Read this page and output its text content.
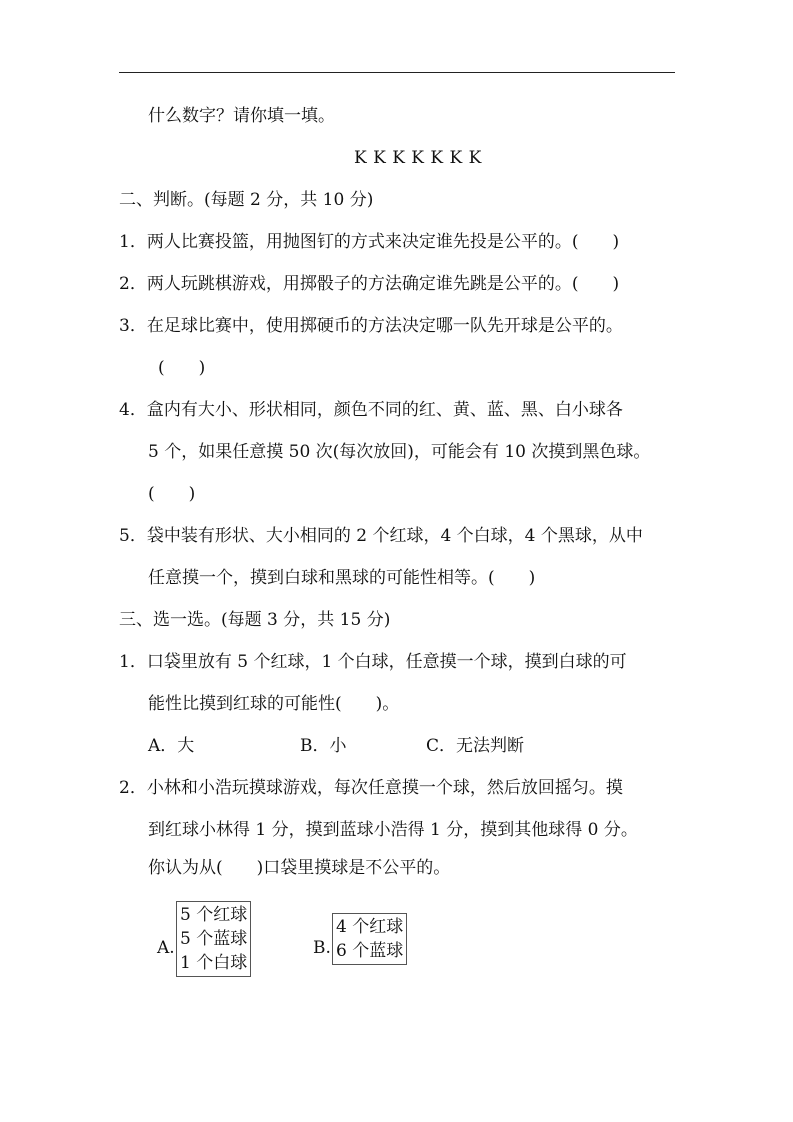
什么数字？请你填一填。
K K K K K K K
二、判断。(每题 2 分，共 10 分)
1．两人比赛投篮，用抛图钉的方式来决定谁先投是公平的。(　　)
2．两人玩跳棋游戏，用掷骰子的方法确定谁先跳是公平的。(　　)
3．在足球比赛中，使用掷硬币的方法决定哪一队先开球是公平的。
(　　)
4．盒内有大小、形状相同，颜色不同的红、黄、蓝、黑、白小球各
5 个，如果任意摸 50 次(每次放回)，可能会有 10 次摸到黑色球。
(　　)
5．袋中装有形状、大小相同的 2 个红球，4 个白球，4 个黑球，从中
任意摸一个，摸到白球和黑球的可能性相等。(　　)
三、选一选。(每题 3 分，共 15 分)
1．口袋里放有 5 个红球，1 个白球，任意摸一个球，摸到白球的可
能性比摸到红球的可能性(　　)。
A．大	B．小	C．无法判断
2．小林和小浩玩摸球游戏，每次任意摸一个球，然后放回摇匀。摸
到红球小林得 1 分，摸到蓝球小浩得 1 分，摸到其他球得 0 分。
你认为从(　　)口袋里摸球是不公平的。
A.
5 个红球
5 个蓝球
1 个白球
B.
4 个红球
6 个蓝球
